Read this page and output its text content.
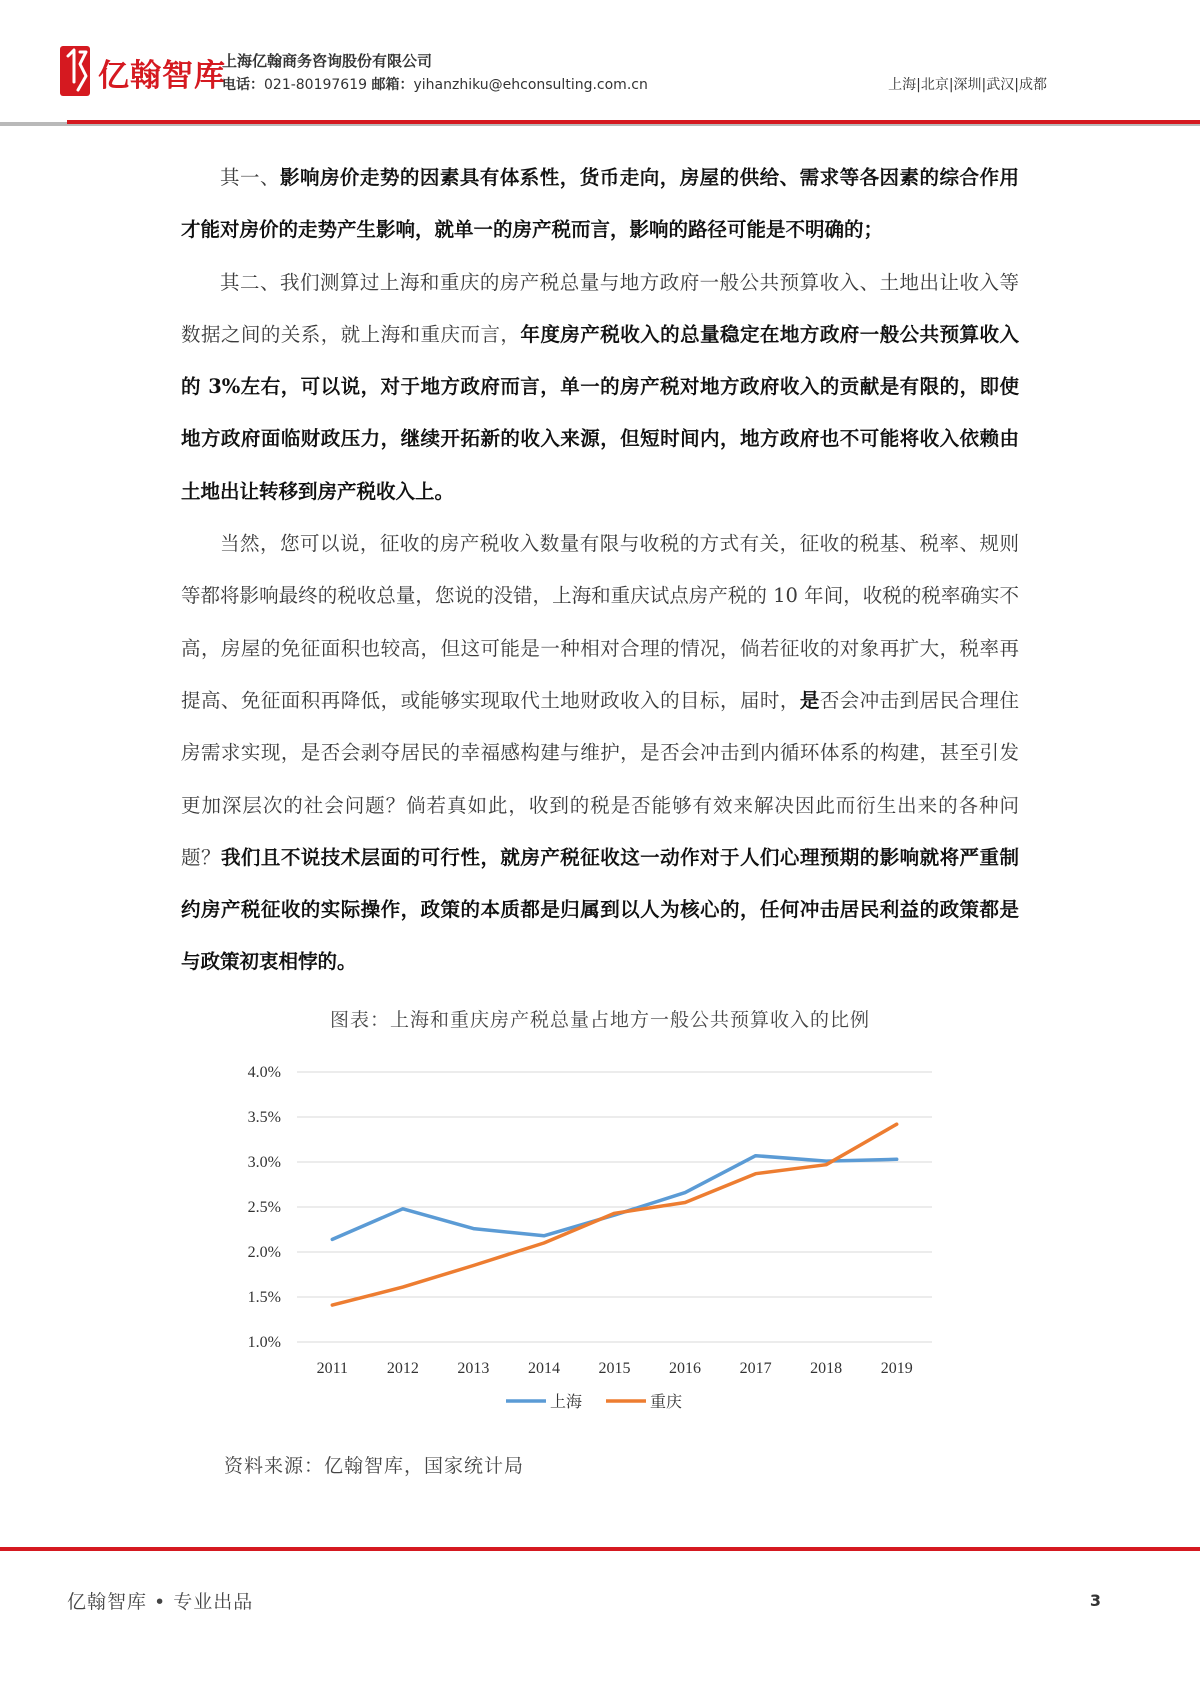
亿翰智库
上海亿翰商务咨询股份有限公司
电话：021-80197619 邮箱：yihanzhiku@ehconsulting.com.cn	上海|北京|深圳|武汉|成都

其一、影响房价走势的因素具有体系性，货币走向，房屋的供给、需求等各因素的综合作用才能对房价的走势产生影响，就单一的房产税而言，影响的路径可能是不明确的；

其二、我们测算过上海和重庆的房产税总量与地方政府一般公共预算收入、土地出让收入等数据之间的关系，就上海和重庆而言，年度房产税收入的总量稳定在地方政府一般公共预算收入的 3%左右，可以说，对于地方政府而言，单一的房产税对地方政府收入的贡献是有限的，即使地方政府面临财政压力，继续开拓新的收入来源，但短时间内，地方政府也不可能将收入依赖由土地出让转移到房产税收入上。

当然，您可以说，征收的房产税收入数量有限与收税的方式有关，征收的税基、税率、规则等都将影响最终的税收总量，您说的没错，上海和重庆试点房产税的 10 年间，收税的税率确实不高，房屋的免征面积也较高，但这可能是一种相对合理的情况，倘若征收的对象再扩大，税率再提高、免征面积再降低，或能够实现取代土地财政收入的目标，届时，是否会冲击到居民合理住房需求实现，是否会剥夺居民的幸福感构建与维护，是否会冲击到内循环体系的构建，甚至引发更加深层次的社会问题？倘若真如此，收到的税是否能够有效来解决因此而衍生出来的各种问题？我们且不说技术层面的可行性，就房产税征收这一动作对于人们心理预期的影响就将严重制约房产税征收的实际操作，政策的本质都是归属到以人为核心的，任何冲击居民利益的政策都是与政策初衷相悖的。

图表：上海和重庆房产税总量占地方一般公共预算收入的比例
1.0%
1.5%
2.0%
2.5%
3.0%
3.5%
4.0%
2011 2012 2013 2014 2015 2016 2017 2018 2019
上海	重庆
资料来源：亿翰智库，国家统计局
亿翰智库 • 专业出品	3
